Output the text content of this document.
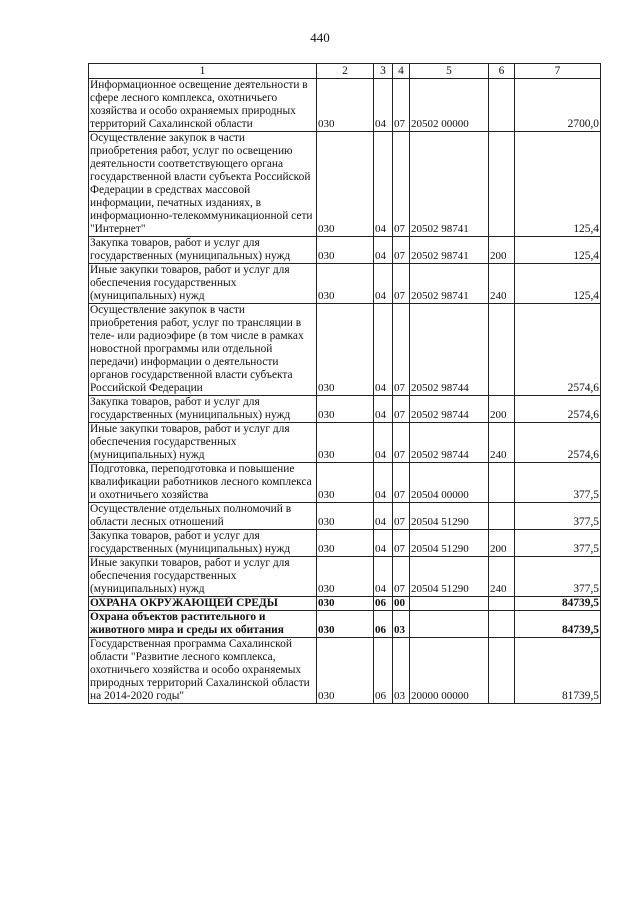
440
1	2	3	4	5	6	7
Информационное освещение деятельности в сфере лесного комплекса, охотничьего хозяйства и особо охраняемых природных территорий Сахалинской области	030	04	07	20502 00000		2700,0
Осуществление закупок в части приобретения работ, услуг по освещению деятельности соответствующего органа государственной власти субъекта Российской Федерации в средствах массовой информации, печатных изданиях, в информационно-телекоммуникационной сети "Интернет"	030	04	07	20502 98741		125,4
Закупка товаров, работ и услуг для государственных (муниципальных) нужд	030	04	07	20502 98741	200	125,4
Иные закупки товаров, работ и услуг для обеспечения государственных (муниципальных) нужд	030	04	07	20502 98741	240	125,4
Осуществление закупок в части приобретения работ, услуг по трансляции в теле- или радиоэфире (в том числе в рамках новостной программы или отдельной передачи) информации о деятельности органов государственной власти субъекта Российской Федерации	030	04	07	20502 98744		2574,6
Закупка товаров, работ и услуг для государственных (муниципальных) нужд	030	04	07	20502 98744	200	2574,6
Иные закупки товаров, работ и услуг для обеспечения государственных (муниципальных) нужд	030	04	07	20502 98744	240	2574,6
Подготовка, переподготовка и повышение квалификации работников лесного комплекса и охотничьего хозяйства	030	04	07	20504 00000		377,5
Осуществление отдельных полномочий в области лесных отношений	030	04	07	20504 51290		377,5
Закупка товаров, работ и услуг для государственных (муниципальных) нужд	030	04	07	20504 51290	200	377,5
Иные закупки товаров, работ и услуг для обеспечения государственных (муниципальных) нужд	030	04	07	20504 51290	240	377,5
ОХРАНА ОКРУЖАЮЩЕЙ СРЕДЫ	030	06	00			84739,5
Охрана объектов растительного и животного мира и среды их обитания	030	06	03			84739,5
Государственная программа Сахалинской области "Развитие лесного комплекса, охотничьего хозяйства и особо охраняемых природных территорий Сахалинской области на 2014-2020 годы"	030	06	03	20000 00000		81739,5
